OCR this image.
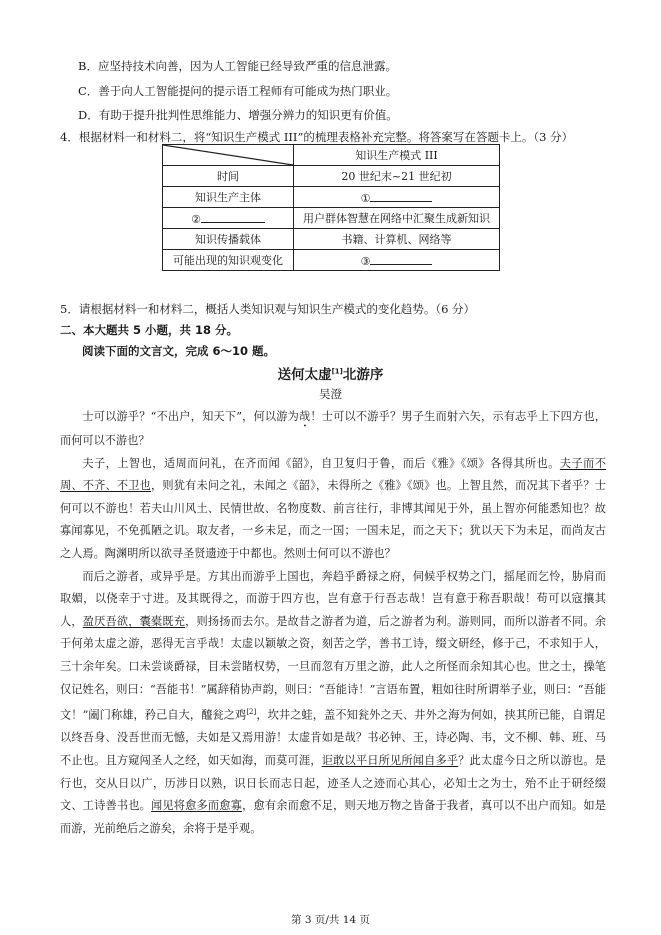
B．应坚持技术向善，因为人工智能已经导致严重的信息泄露。
C．善于向人工智能提问的提示语工程师有可能成为热门职业。
D．有助于提升批判性思维能力、增强分辨力的知识更有价值。
4．根据材料一和材料二，将“知识生产模式 III”的梳理表格补充完整。将答案写在答题卡上。（3 分）
	知识生产模式 III
时间	20 世纪末~21 世纪初
知识生产主体	①
②	用户群体智慧在网络中汇聚生成新知识
知识传播载体	书籍、计算机、网络等
可能出现的知识观变化	③
5．请根据材料一和材料二，概括人类知识观与知识生产模式的变化趋势。（6 分）
二、本大题共 5 小题，共 18 分。
阅读下面的文言文，完成 6～10 题。
送何太虚[1]北游序
吴澄

士可以游乎？“不出户，知天下”，何以游为哉！士可以不游乎？男子生而射六矢，示有志乎上下四方也，而何可以不游也？

夫子，上智也，适周而问礼，在齐而闻《韶》，自卫复归于鲁，而后《雅》《颂》各得其所也。夫子而不周、不齐、不卫也，则犹有未问之礼，未闻之《韶》，未得所之《雅》《颂》也。上智且然，而况其下者乎？士何可以不游也！若夫山川风土、民情世故、名物度数、前言往行，非博其闻见于外，虽上智亦何能悉知也？故寡闻寡见，不免孤陋之讥。取友者，一乡未足，而之一国；一国未足，而之天下；犹以天下为未足，而尚友古之人焉。陶渊明所以欲寻圣贤遗迹于中都也。然则士何可以不游也？

而后之游者，或异乎是。方其出而游乎上国也，奔趋乎爵禄之府，伺候乎权势之门，摇尾而乞怜，胁肩而取媚，以侥幸于寸进。及其既得之，而游于四方也，岂有意于行吾志哉！岂有意于称吾职哉！苟可以寇攘其人，盈厌吾欲，囊橐既充，则扬扬而去尔。是故昔之游者为道，后之游者为利。游则同，而所以游者不同。余于何弟太虚之游，恶得无言乎哉！太虚以颖敏之资，刻苦之学，善书工诗，缀文研经，修于己，不求知于人，三十余年矣。口未尝谈爵禄，目未尝睹权势，一旦而忽有万里之游，此人之所怪而余知其心也。世之士，操笔仅记姓名，则曰：“吾能书！”属辞稍协声韵，则曰：“吾能诗！”言语布置，粗如往时所谓举子业，则曰：“吾能文！”阖门称雄，矜己自大，醯瓮之鸡[2]，坎井之蛙，盖不知瓮外之天、井外之海为何如，挟其所已能，自谓足以终吾身、没吾世而无憾，夫如是又焉用游！太虚肯如是哉？书必钟、王，诗必陶、韦，文不柳、韩、班、马不止也。且方窥闯圣人之经，如天如海，而莫可涯，讵敢以平日所见所闻自多乎？此太虚今日之所以游也。是行也，交从日以广，历涉日以熟，识日长而志日起，迹圣人之迹而心其心，必知士之为士，殆不止于研经缀文、工诗善书也。闻见将愈多而愈寡，愈有余而愈不足，则天地万物之皆备于我者，真可以不出户而知。如是而游，光前绝后之游矣，余将于是乎观。

第 3 页/共 14 页
